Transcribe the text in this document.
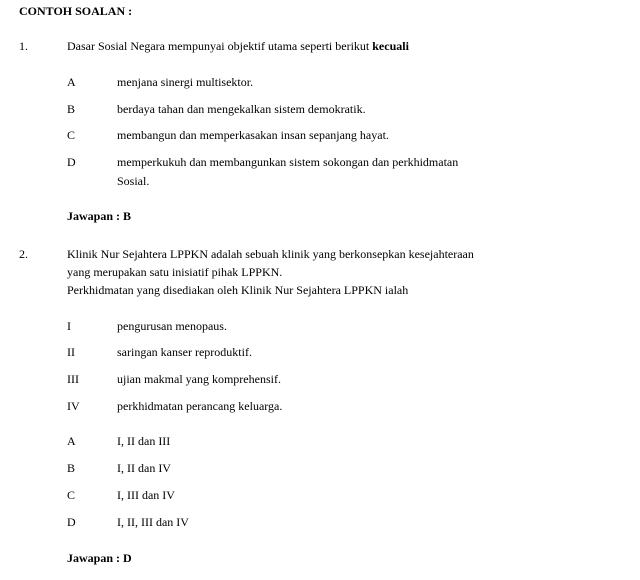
CONTOH SOALAN :
1.	Dasar Sosial Negara mempunyai objektif utama seperti berikut kecuali
A	menjana sinergi multisektor.
B	berdaya tahan dan mengekalkan sistem demokratik.
C	membangun dan memperkasakan insan sepanjang hayat.
D	memperkukuh dan membangunkan sistem sokongan dan perkhidmatan
Sosial.
Jawapan : B
2.	Klinik Nur Sejahtera LPPKN adalah sebuah klinik yang berkonsepkan kesejahteraan
yang merupakan satu inisiatif pihak LPPKN.
Perkhidmatan yang disediakan oleh Klinik Nur Sejahtera LPPKN ialah
I	pengurusan menopaus.
II	saringan kanser reproduktif.
III	ujian makmal yang komprehensif.
IV	perkhidmatan perancang keluarga.
A	I, II dan III
B	I, II dan IV
C	I, III dan IV
D	I, II, III dan IV
Jawapan : D
